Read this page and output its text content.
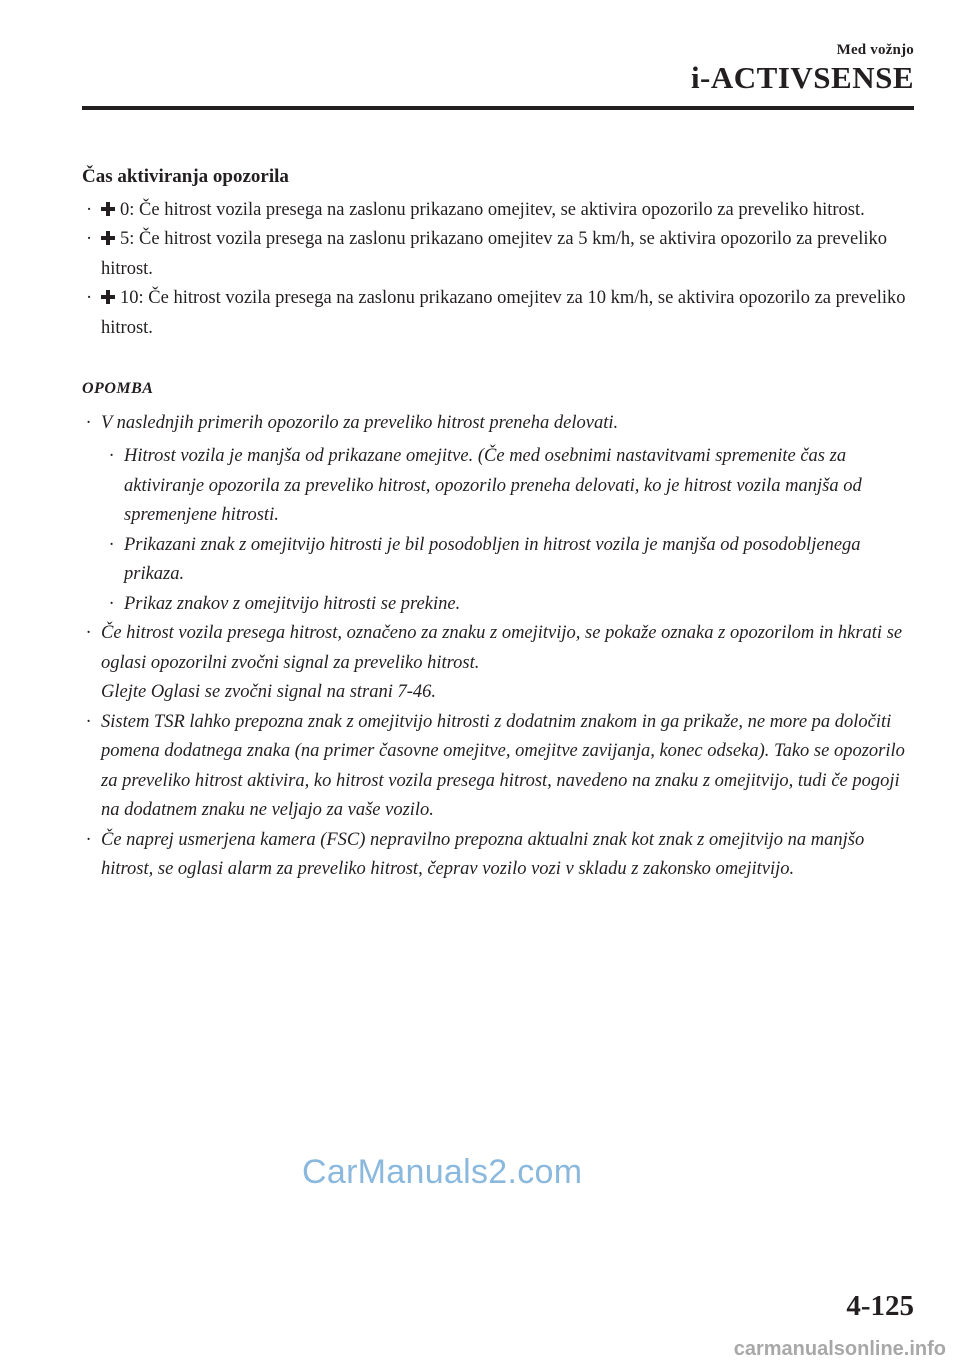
Med vožnjo
i-ACTIVSENSE
Čas aktiviranja opozorila
· 0: Če hitrost vozila presega na zaslonu prikazano omejitev, se aktivira opozorilo za preveliko hitrost.
· 5: Če hitrost vozila presega na zaslonu prikazano omejitev za 5 km/h, se aktivira opozorilo za preveliko hitrost.
· 10: Če hitrost vozila presega na zaslonu prikazano omejitev za 10 km/h, se aktivira opozorilo za preveliko hitrost.
OPOMBA
· V naslednjih primerih opozorilo za preveliko hitrost preneha delovati.
· Hitrost vozila je manjša od prikazane omejitve. (Če med osebnimi nastavitvami spremenite čas za aktiviranje opozorila za preveliko hitrost, opozorilo preneha delovati, ko je hitrost vozila manjša od spremenjene hitrosti.
· Prikazani znak z omejitvijo hitrosti je bil posodobljen in hitrost vozila je manjša od posodobljenega prikaza.
· Prikaz znakov z omejitvijo hitrosti se prekine.
· Če hitrost vozila presega hitrost, označeno za znaku z omejitvijo, se pokaže oznaka z opozorilom in hkrati se oglasi opozorilni zvočni signal za preveliko hitrost.
Glejte Oglasi se zvočni signal na strani 7-46.
· Sistem TSR lahko prepozna znak z omejitvijo hitrosti z dodatnim znakom in ga prikaže, ne more pa določiti pomena dodatnega znaka (na primer časovne omejitve, omejitve zavijanja, konec odseka). Tako se opozorilo za preveliko hitrost aktivira, ko hitrost vozila presega hitrost, navedeno na znaku z omejitvijo, tudi če pogoji na dodatnem znaku ne veljajo za vaše vozilo.
· Če naprej usmerjena kamera (FSC) nepravilno prepozna aktualni znak kot znak z omejitvijo na manjšo hitrost, se oglasi alarm za preveliko hitrost, čeprav vozilo vozi v skladu z zakonsko omejitvijo.
CarManuals2.com
4-125
carmanualsonline.info
